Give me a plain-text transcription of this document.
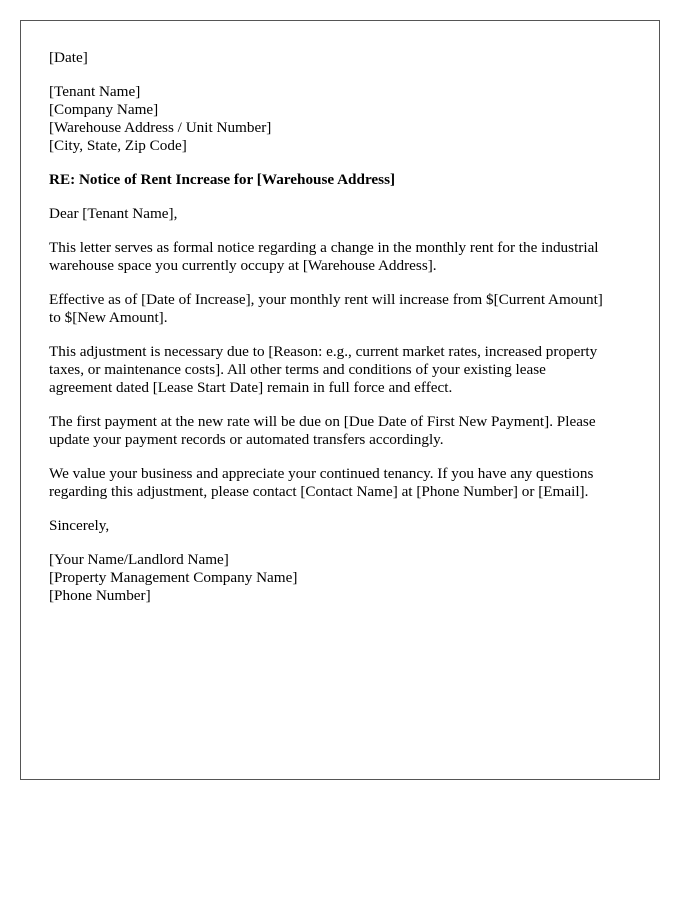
[Date]
[Tenant Name]
[Company Name]
[Warehouse Address / Unit Number]
[City, State, Zip Code]

RE: Notice of Rent Increase for [Warehouse Address]

Dear [Tenant Name],

This letter serves as formal notice regarding a change in the monthly rent for the industrial
warehouse space you currently occupy at [Warehouse Address].

Effective as of [Date of Increase], your monthly rent will increase from $[Current Amount]
to $[New Amount].

This adjustment is necessary due to [Reason: e.g., current market rates, increased property
taxes, or maintenance costs]. All other terms and conditions of your existing lease
agreement dated [Lease Start Date] remain in full force and effect.

The first payment at the new rate will be due on [Due Date of First New Payment]. Please
update your payment records or automated transfers accordingly.

We value your business and appreciate your continued tenancy. If you have any questions
regarding this adjustment, please contact [Contact Name] at [Phone Number] or [Email].

Sincerely,

[Your Name/Landlord Name]
[Property Management Company Name]
[Phone Number]
